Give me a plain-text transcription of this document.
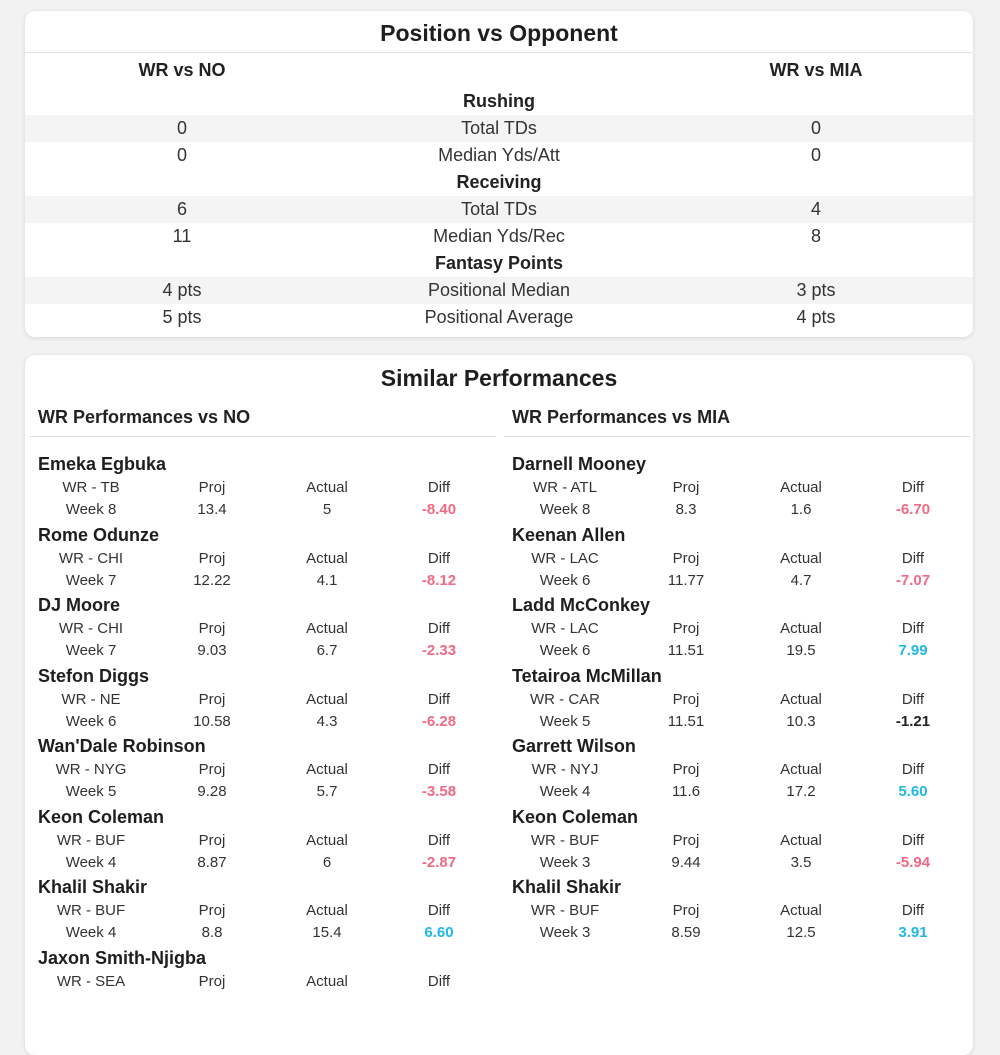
Position vs Opponent
WR vs NO	WR vs MIA
Rushing
0	Total TDs	0
0	Median Yds/Att	0
Receiving
6	Total TDs	4
11	Median Yds/Rec	8
Fantasy Points
4 pts	Positional Median	3 pts
5 pts	Positional Average	4 pts
Similar Performances
WR Performances vs NO
Emeka Egbuka
WR - TB	Proj	Actual	Diff
Week 8	13.4	5	-8.40
Rome Odunze
WR - CHI	Proj	Actual	Diff
Week 7	12.22	4.1	-8.12
DJ Moore
WR - CHI	Proj	Actual	Diff
Week 7	9.03	6.7	-2.33
Stefon Diggs
WR - NE	Proj	Actual	Diff
Week 6	10.58	4.3	-6.28
Wan'Dale Robinson
WR - NYG	Proj	Actual	Diff
Week 5	9.28	5.7	-3.58
Keon Coleman
WR - BUF	Proj	Actual	Diff
Week 4	8.87	6	-2.87
Khalil Shakir
WR - BUF	Proj	Actual	Diff
Week 4	8.8	15.4	6.60
Jaxon Smith-Njigba
WR - SEA	Proj	Actual	Diff
WR Performances vs MIA
Darnell Mooney
WR - ATL	Proj	Actual	Diff
Week 8	8.3	1.6	-6.70
Keenan Allen
WR - LAC	Proj	Actual	Diff
Week 6	11.77	4.7	-7.07
Ladd McConkey
WR - LAC	Proj	Actual	Diff
Week 6	11.51	19.5	7.99
Tetairoa McMillan
WR - CAR	Proj	Actual	Diff
Week 5	11.51	10.3	-1.21
Garrett Wilson
WR - NYJ	Proj	Actual	Diff
Week 4	11.6	17.2	5.60
Keon Coleman
WR - BUF	Proj	Actual	Diff
Week 3	9.44	3.5	-5.94
Khalil Shakir
WR - BUF	Proj	Actual	Diff
Week 3	8.59	12.5	3.91
